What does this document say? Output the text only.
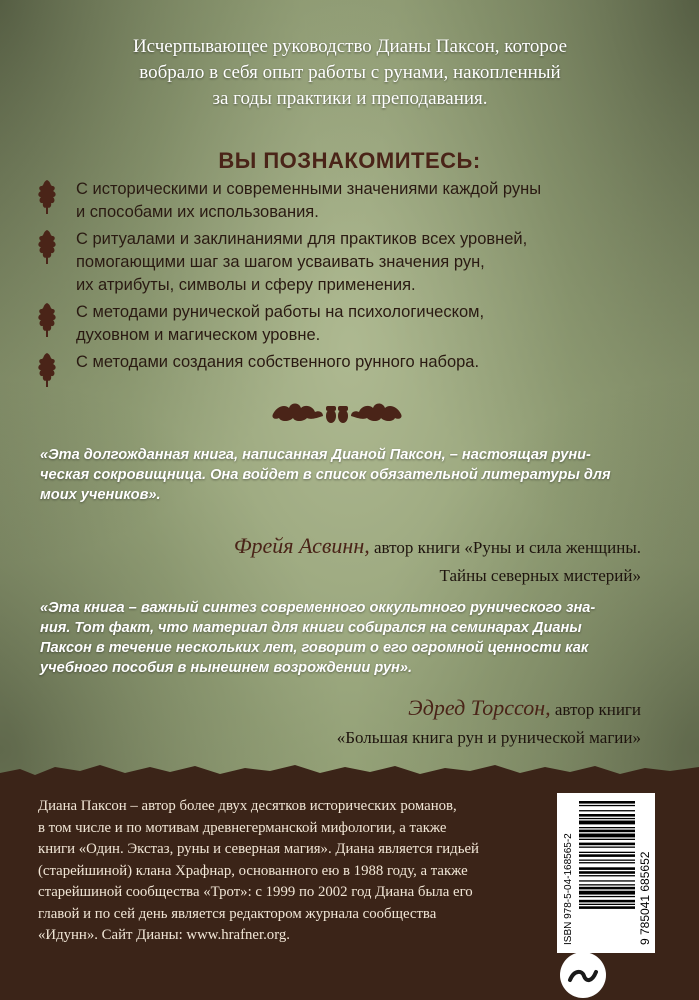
Исчерпывающее руководство Дианы Паксон, которое
вобрало в себя опыт работы с рунами, накопленный
за годы практики и преподавания.
ВЫ ПОЗНАКОМИТЕСЬ:
С историческими и современными значениями каждой руны
и способами их использования.
С ритуалами и заклинаниями для практиков всех уровней,
помогающими шаг за шагом усваивать значения рун,
их атрибуты, символы и сферу применения.
С методами рунической работы на психологическом,
духовном и магическом уровне.
С методами создания собственного рунного набора.
«Эта долгожданная книга, написанная Дианой Паксон, – настоящая руни-
ческая сокровищница. Она войдет в список обязательной литературы для
моих учеников».
Фрейя Асвинн, автор книги «Руны и сила женщины.
Тайны северных мистерий»
«Эта книга – важный синтез современного оккультного рунического зна-
ния. Тот факт, что материал для книги собирался на семинарах Дианы
Паксон в течение нескольких лет, говорит о его огромной ценности как
учебного пособия в нынешнем возрождении рун».
Эдред Торссон, автор книги
«Большая книга рун и рунической магии»
Диана Паксон – автор более двух десятков исторических романов,
в том числе и по мотивам древнегерманской мифологии, а также
книги «Один. Экстаз, руны и северная магия». Диана является гидьей
(старейшиной) клана Храфнар, основанного ею в 1988 году, а также
старейшиной сообщества «Трот»: с 1999 по 2002 год Диана была его
главой и по сей день является редактором журнала сообщества
«Идунн». Сайт Дианы: www.hrafner.org.	ISBN 978-5-04-168565-2	9 785041 685652
